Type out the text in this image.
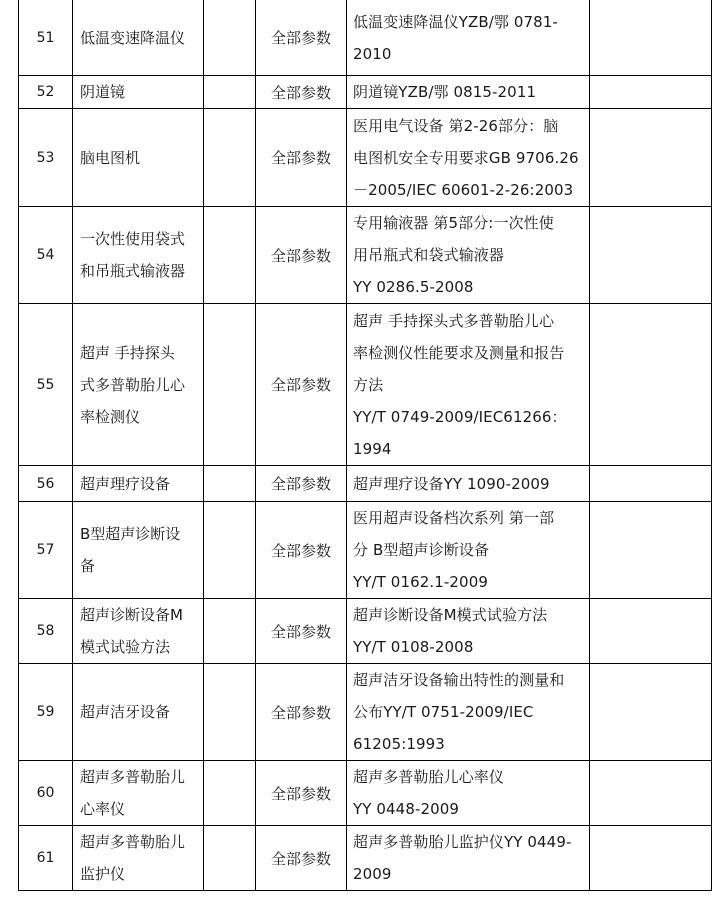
51	低温变速降温仪		全部参数	低温变速降温仪YZB/鄂 0781-
2010	

52	阴道镜		全部参数	阴道镜YZB/鄂 0815-2011	

53	脑电图机		全部参数	医用电气设备 第2-26部分：脑
电图机安全专用要求GB 9706.26
－2005/IEC 60601-2-26:2003	

54	一次性使用袋式
和吊瓶式输液器		全部参数	专用输液器 第5部分:一次性使
用吊瓶式和袋式输液器
YY 0286.5-2008	

55	超声 手持探头
式多普勒胎儿心
率检测仪		全部参数	超声 手持探头式多普勒胎儿心
率检测仪性能要求及测量和报告
方法
YY/T 0749-2009/IEC61266：
1994	

56	超声理疗设备		全部参数	超声理疗设备YY 1090-2009	

57	B型超声诊断设
备		全部参数	医用超声设备档次系列 第一部
分 B型超声诊断设备
YY/T 0162.1-2009	

58	超声诊断设备M
模式试验方法		全部参数	超声诊断设备M模式试验方法
YY/T 0108-2008	

59	超声洁牙设备		全部参数	超声洁牙设备输出特性的测量和
公布YY/T 0751-2009/IEC
61205:1993	

60	超声多普勒胎儿
心率仪		全部参数	超声多普勒胎儿心率仪
YY 0448-2009	

61	超声多普勒胎儿
监护仪		全部参数	超声多普勒胎儿监护仪YY 0449-
2009	
